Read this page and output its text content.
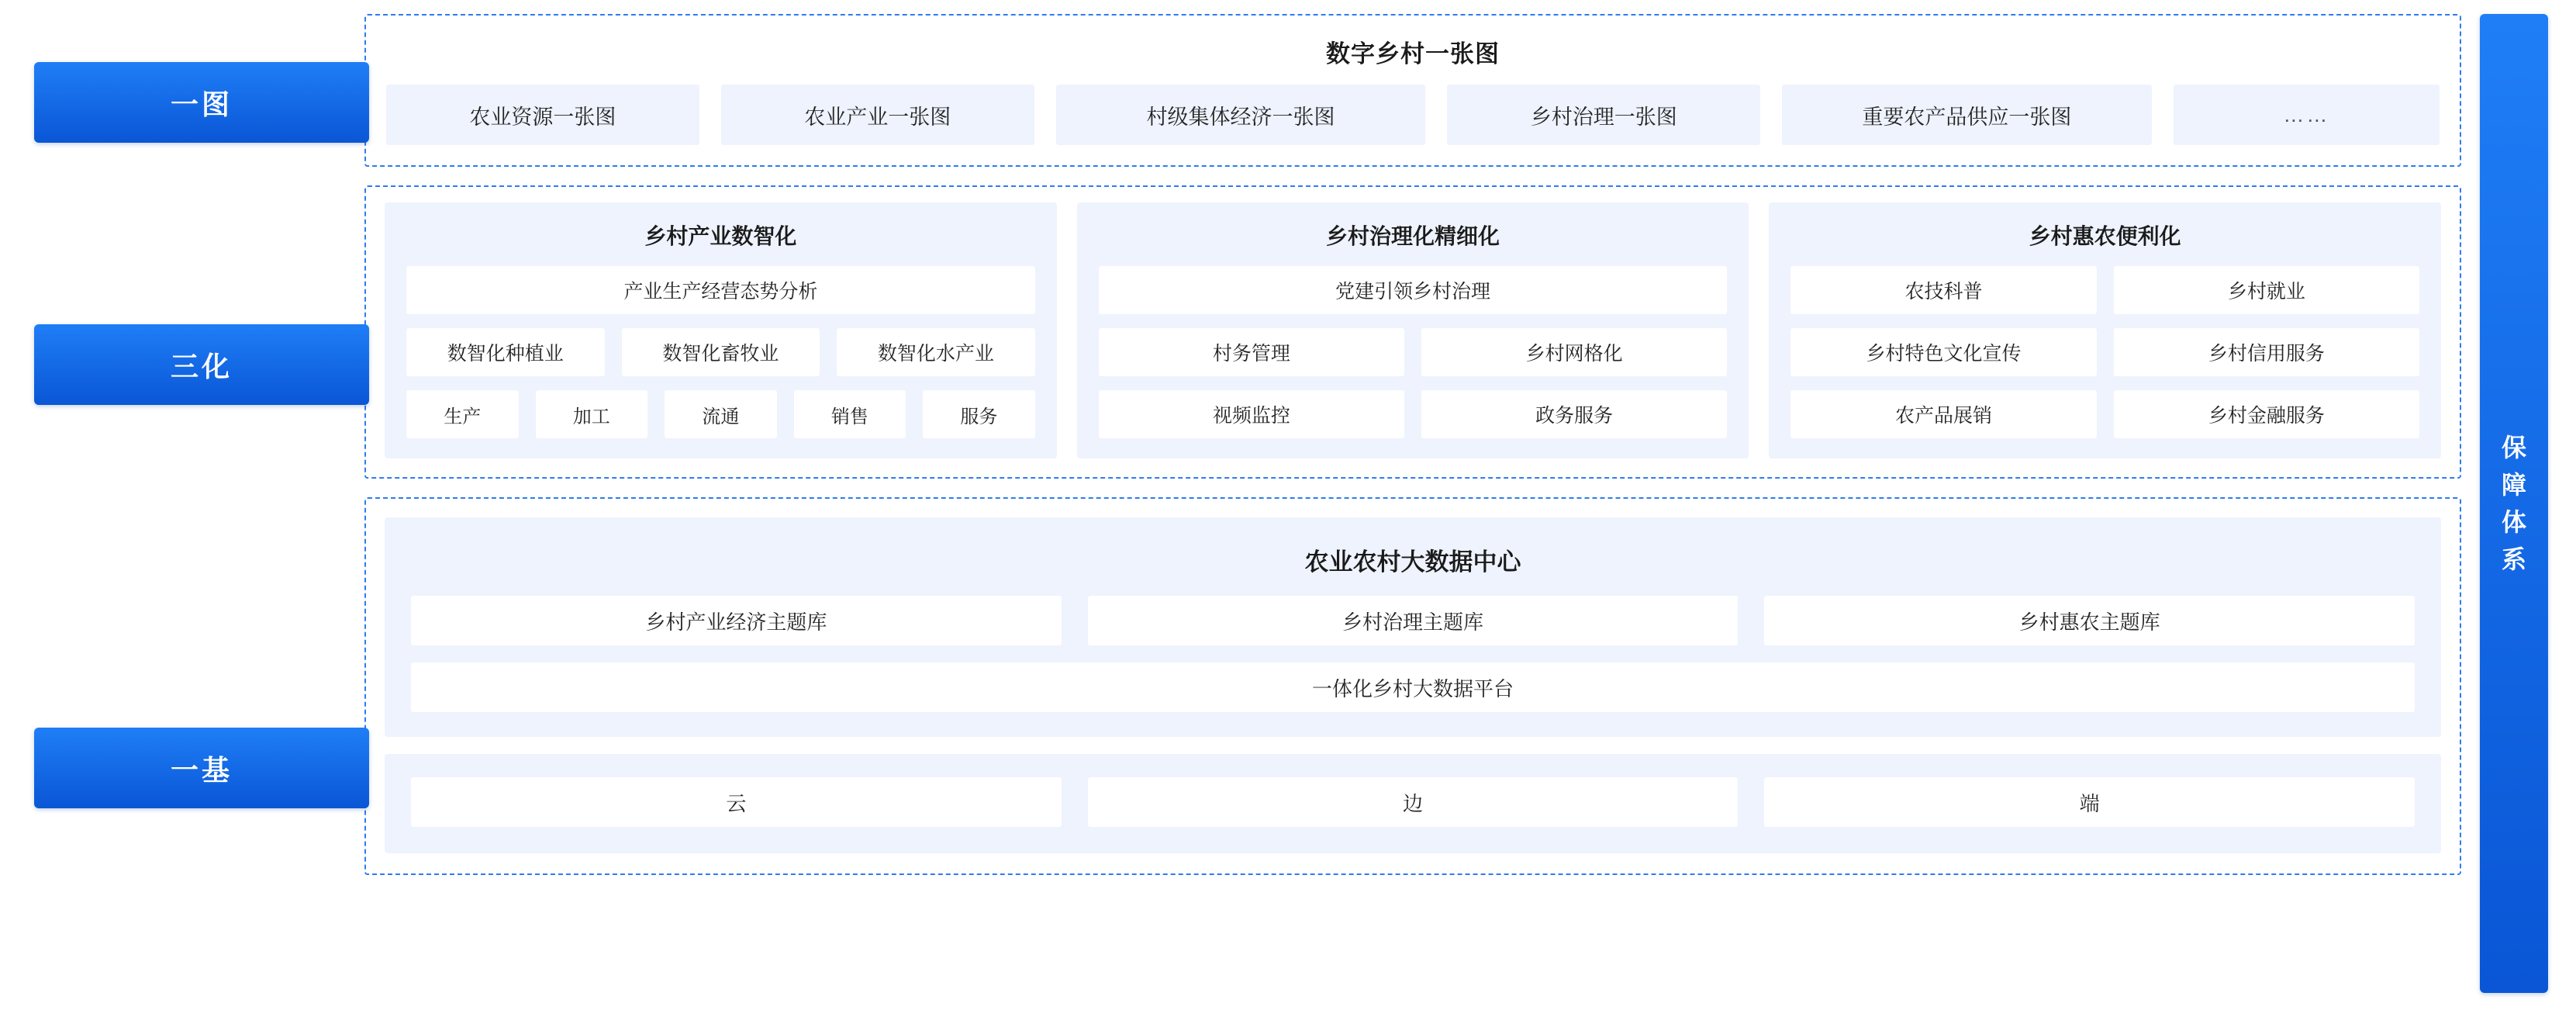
一图
三化
一基
数字乡村一张图
农业资源一张图	农业产业一张图	村级集体经济一张图	乡村治理一张图	重要农产品供应一张图	……
乡村产业数智化
产业生产经营态势分析
数智化种植业	数智化畜牧业	数智化水产业
生产	加工	流通	销售	服务
乡村治理化精细化
党建引领乡村治理
村务管理	乡村网格化
视频监控	政务服务
乡村惠农便利化
农技科普	乡村就业
乡村特色文化宣传	乡村信用服务
农产品展销	乡村金融服务
农业农村大数据中心
乡村产业经济主题库	乡村治理主题库	乡村惠农主题库
一体化乡村大数据平台
云	边	端
保
障
体
系
